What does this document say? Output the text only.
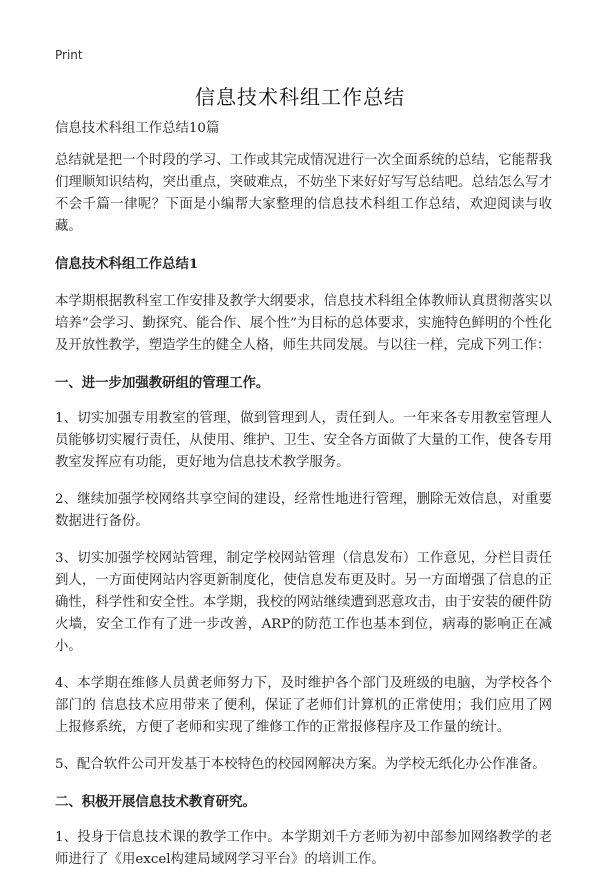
Print
信息技术科组工作总结

信息技术科组工作总结10篇

总结就是把一个时段的学习、工作或其完成情况进行一次全面系统的总结，它能帮我们理顺知识结构，突出重点，突破难点，不妨坐下来好好写写总结吧。总结怎么写才不会千篇一律呢？下面是小编帮大家整理的信息技术科组工作总结，欢迎阅读与收藏。

信息技术科组工作总结1

本学期根据教科室工作安排及教学大纲要求，信息技术科组全体教师认真贯彻落实以培养“会学习、勤探究、能合作、展个性”为目标的总体要求，实施特色鲜明的个性化及开放性教学，塑造学生的健全人格，师生共同发展。与以往一样，完成下列工作：

一、进一步加强教研组的管理工作。

1、切实加强专用教室的管理，做到管理到人，责任到人。一年来各专用教室管理人员能够切实履行责任，从使用、维护、卫生、安全各方面做了大量的工作，使各专用教室发挥应有功能，更好地为信息技术教学服务。

2、继续加强学校网络共享空间的建设，经常性地进行管理，删除无效信息，对重要数据进行备份。

3、切实加强学校网站管理，制定学校网站管理（信息发布）工作意见，分栏目责任到人，一方面使网站内容更新制度化，使信息发布更及时。另一方面增强了信息的正确性，科学性和安全性。本学期，我校的网站继续遭到恶意攻击，由于安装的硬件防火墙，安全工作有了进一步改善，ARP的防范工作也基本到位，病毒的影响正在减小。

4、本学期在维修人员黄老师努力下，及时维护各个部门及班级的电脑，为学校各个部门的 信息技术应用带来了便利，保证了老师们计算机的正常使用；我们应用了网上报修系统，方便了老师和实现了维修工作的正常报修程序及工作量的统计。

5、配合软件公司开发基于本校特色的校园网解决方案。为学校无纸化办公作准备。

二、积极开展信息技术教育研究。

1、投身于信息技术课的教学工作中。本学期刘千方老师为初中部参加网络教学的老师进行了《用excel构建局域网学习平台》的培训工作。
